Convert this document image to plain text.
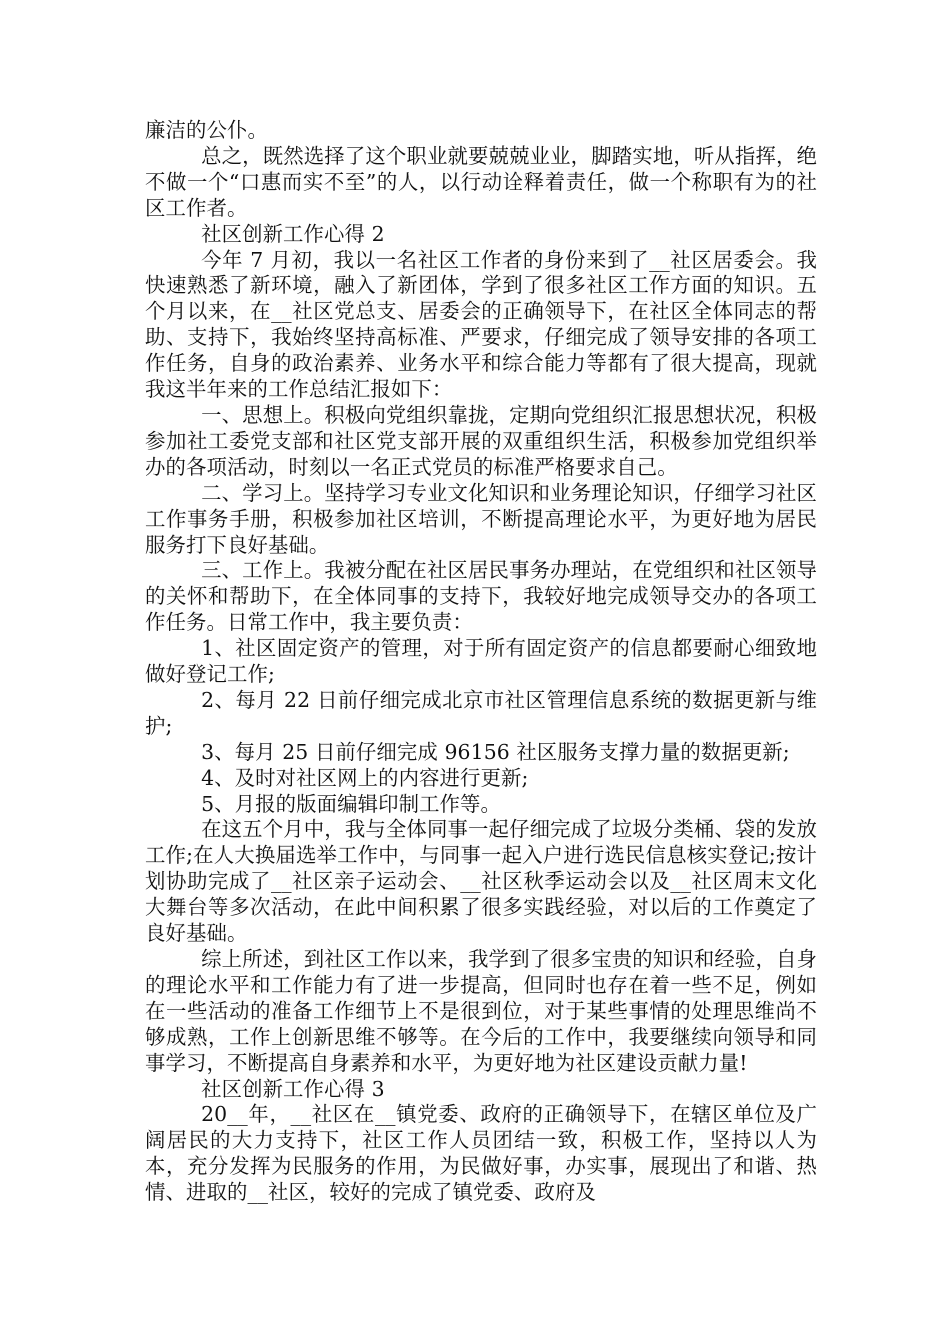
廉洁的公仆。

总之，既然选择了这个职业就要兢兢业业，脚踏实地，听从指挥，绝不做一个“口惠而实不至”的人，以行动诠释着责任，做一个称职有为的社区工作者。

社区创新工作心得 2

今年 7 月初，我以一名社区工作者的身份来到了__社区居委会。我快速熟悉了新环境，融入了新团体，学到了很多社区工作方面的知识。五个月以来，在__社区党总支、居委会的正确领导下，在社区全体同志的帮助、支持下，我始终坚持高标准、严要求，仔细完成了领导安排的各项工作任务，自身的政治素养、业务水平和综合能力等都有了很大提高，现就我这半年来的工作总结汇报如下：

一、思想上。积极向党组织靠拢，定期向党组织汇报思想状况，积极参加社工委党支部和社区党支部开展的双重组织生活，积极参加党组织举办的各项活动，时刻以一名正式党员的标准严格要求自己。

二、学习上。坚持学习专业文化知识和业务理论知识，仔细学习社区工作事务手册，积极参加社区培训，不断提高理论水平，为更好地为居民服务打下良好基础。

三、工作上。我被分配在社区居民事务办理站，在党组织和社区领导的关怀和帮助下，在全体同事的支持下，我较好地完成领导交办的各项工作任务。日常工作中，我主要负责：

1、社区固定资产的管理，对于所有固定资产的信息都要耐心细致地做好登记工作;

2、每月 22 日前仔细完成北京市社区管理信息系统的数据更新与维护;

3、每月 25 日前仔细完成 96156 社区服务支撑力量的数据更新;

4、及时对社区网上的内容进行更新;

5、月报的版面编辑印制工作等。

在这五个月中，我与全体同事一起仔细完成了垃圾分类桶、袋的发放工作;在人大换届选举工作中，与同事一起入户进行选民信息核实登记;按计划协助完成了__社区亲子运动会、__社区秋季运动会以及__社区周末文化大舞台等多次活动，在此中间积累了很多实践经验，对以后的工作奠定了良好基础。

综上所述，到社区工作以来，我学到了很多宝贵的知识和经验，自身的理论水平和工作能力有了进一步提高，但同时也存在着一些不足，例如在一些活动的准备工作细节上不是很到位，对于某些事情的处理思维尚不够成熟，工作上创新思维不够等。在今后的工作中，我要继续向领导和同事学习，不断提高自身素养和水平，为更好地为社区建设贡献力量!

社区创新工作心得 3

20__年，__社区在__镇党委、政府的正确领导下，在辖区单位及广阔居民的大力支持下，社区工作人员团结一致，积极工作，坚持以人为本，充分发挥为民服务的作用，为民做好事，办实事，展现出了和谐、热情、进取的__社区，较好的完成了镇党委、政府及
